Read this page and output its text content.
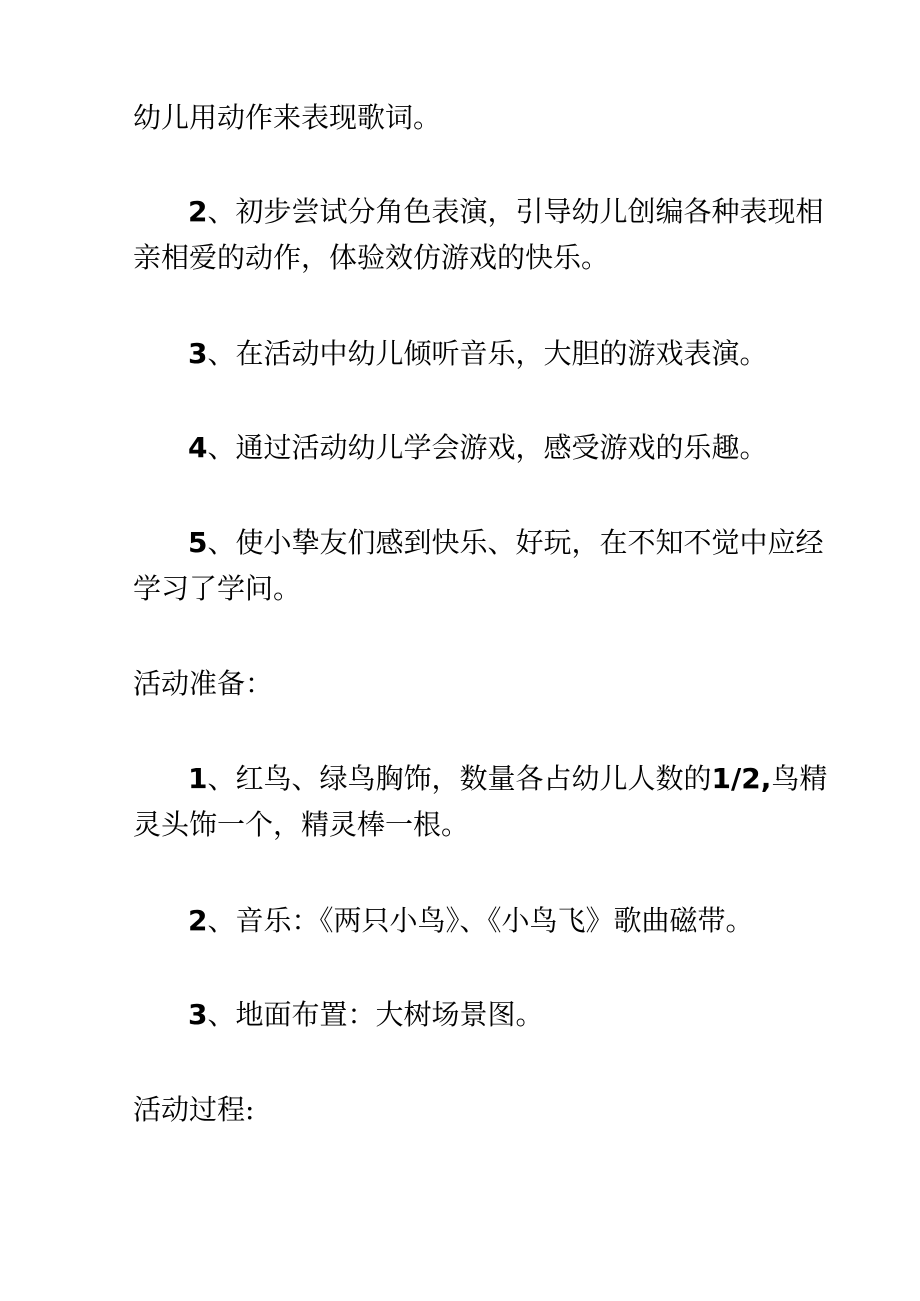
幼儿用动作来表现歌词。
2、初步尝试分角色表演，引导幼儿创编各种表现相
亲相爱的动作，体验效仿游戏的快乐。
3、在活动中幼儿倾听音乐，大胆的游戏表演。
4、通过活动幼儿学会游戏，感受游戏的乐趣。
5、使小挚友们感到快乐、好玩，在不知不觉中应经
学习了学问。
活动准备：
1、红鸟、绿鸟胸饰，数量各占幼儿人数的1/2,鸟精
灵头饰一个，精灵棒一根。
2、音乐：《两只小鸟》、《小鸟飞》歌曲磁带。
3、地面布置：大树场景图。
活动过程:
